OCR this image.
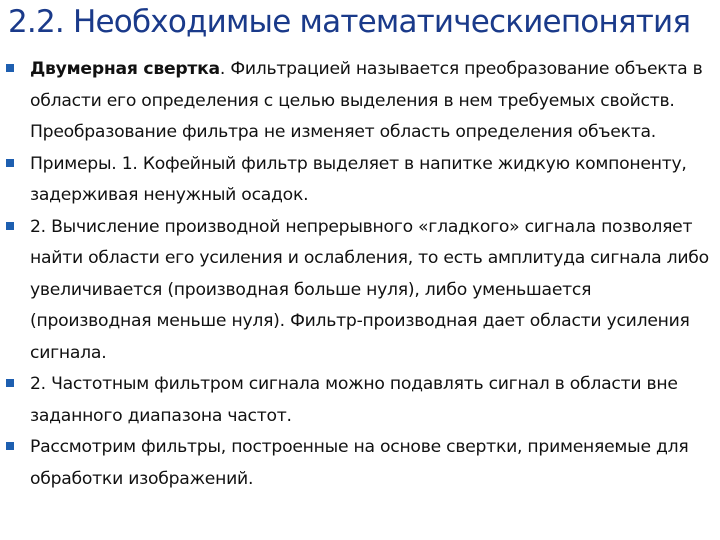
2.2. Необходимые математическиепонятия
Двумерная свертка. Фильтрацией называется преобразование объекта в области его определения с целью выделения в нем требуемых свойств. Преобразование фильтра не изменяет область определения объекта.
Примеры. 1. Кофейный фильтр выделяет в напитке жидкую компоненту, задерживая ненужный осадок.
2. Вычисление производной непрерывного «гладкого» сигнала позволяет найти области его усиления и ослабления, то есть амплитуда сигнала либо увеличивается (производная больше нуля), либо уменьшается (производная меньше нуля). Фильтр-производная дает области усиления сигнала.
2. Частотным фильтром сигнала можно подавлять сигнал в области вне заданного диапазона частот.
Рассмотрим фильтры, построенные на основе свертки, применяемые для обработки изображений.
